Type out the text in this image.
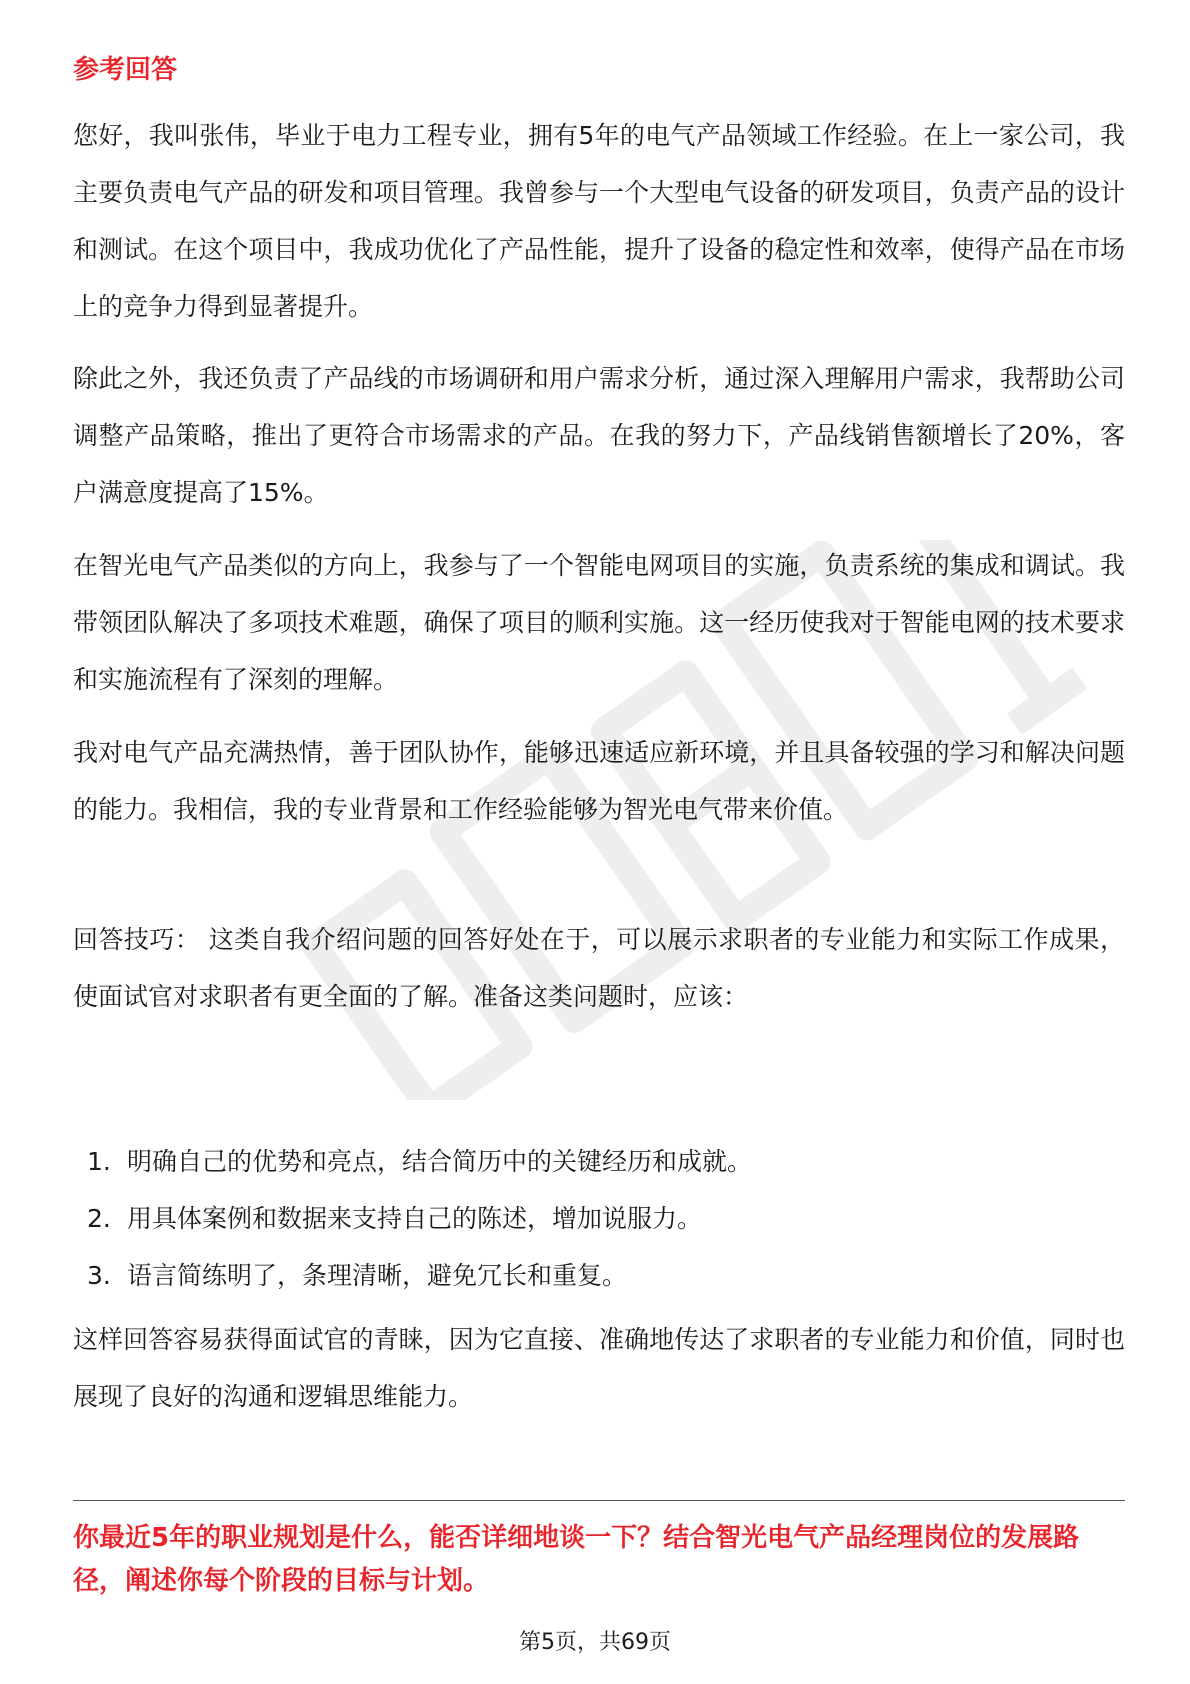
参考回答

您好，我叫张伟，毕业于电力工程专业，拥有5年的电气产品领域工作经验。在上一家公司，我主要负责电气产品的研发和项目管理。我曾参与一个大型电气设备的研发项目，负责产品的设计和测试。在这个项目中，我成功优化了产品性能，提升了设备的稳定性和效率，使得产品在市场上的竞争力得到显著提升。

除此之外，我还负责了产品线的市场调研和用户需求分析，通过深入理解用户需求，我帮助公司调整产品策略，推出了更符合市场需求的产品。在我的努力下，产品线销售额增长了20%，客户满意度提高了15%。

在智光电气产品类似的方向上，我参与了一个智能电网项目的实施，负责系统的集成和调试。我带领团队解决了多项技术难题，确保了项目的顺利实施。这一经历使我对于智能电网的技术要求和实施流程有了深刻的理解。

我对电气产品充满热情，善于团队协作，能够迅速适应新环境，并且具备较强的学习和解决问题的能力。我相信，我的专业背景和工作经验能够为智光电气带来价值。

回答技巧： 这类自我介绍问题的回答好处在于，可以展示求职者的专业能力和实际工作成果，使面试官对求职者有更全面的了解。准备这类问题时，应该：

1. 明确自己的优势和亮点，结合简历中的关键经历和成就。
2. 用具体案例和数据来支持自己的陈述，增加说服力。
3. 语言简练明了，条理清晰，避免冗长和重复。

这样回答容易获得面试官的青睐，因为它直接、准确地传达了求职者的专业能力和价值，同时也展现了良好的沟通和逻辑思维能力。

你最近5年的职业规划是什么，能否详细地谈一下？结合智光电气产品经理岗位的发展路径，阐述你每个阶段的目标与计划。
第5页，共69页
